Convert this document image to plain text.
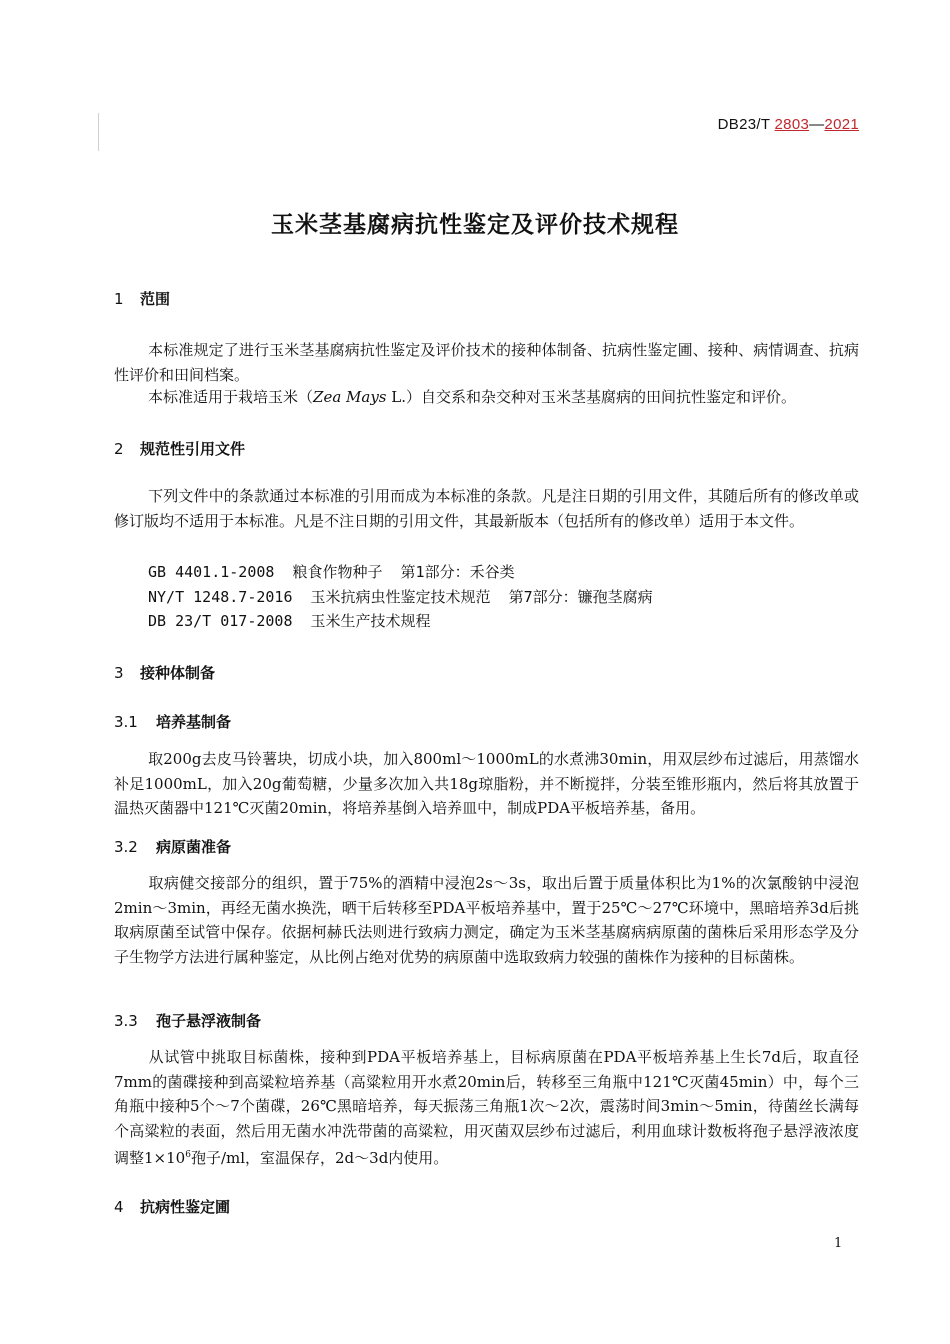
DB23/T 2803—2021
玉米茎基腐病抗性鉴定及评价技术规程
1 范围
本标准规定了进行玉米茎基腐病抗性鉴定及评价技术的接种体制备、抗病性鉴定圃、接种、病情调查、抗病性评价和田间档案。
本标准适用于栽培玉米（Zea Mays L.）自交系和杂交种对玉米茎基腐病的田间抗性鉴定和评价。
2 规范性引用文件
下列文件中的条款通过本标准的引用而成为本标准的条款。凡是注日期的引用文件，其随后所有的修改单或修订版均不适用于本标准。凡是不注日期的引用文件，其最新版本（包括所有的修改单）适用于本文件。
GB 4401.1-2008  粮食作物种子  第1部分：禾谷类
NY/T 1248.7-2016  玉米抗病虫性鉴定技术规范  第7部分：镰孢茎腐病
DB 23/T 017-2008  玉米生产技术规程
3 接种体制备
3.1 培养基制备
取200g去皮马铃薯块，切成小块，加入800ml～1000mL的水煮沸30min，用双层纱布过滤后，用蒸馏水补足1000mL，加入20g葡萄糖，少量多次加入共18g琼脂粉，并不断搅拌，分装至锥形瓶内，然后将其放置于温热灭菌器中121℃灭菌20min，将培养基倒入培养皿中，制成PDA平板培养基，备用。
3.2 病原菌准备
取病健交接部分的组织，置于75%的酒精中浸泡2s～3s，取出后置于质量体积比为1%的次氯酸钠中浸泡2min～3min，再经无菌水换洗，晒干后转移至PDA平板培养基中，置于25℃～27℃环境中，黑暗培养3d后挑取病原菌至试管中保存。依据柯赫氏法则进行致病力测定，确定为玉米茎基腐病病原菌的菌株后采用形态学及分子生物学方法进行属种鉴定，从比例占绝对优势的病原菌中选取致病力较强的菌株作为接种的目标菌株。
3.3 孢子悬浮液制备
从试管中挑取目标菌株，接种到PDA平板培养基上，目标病原菌在PDA平板培养基上生长7d后，取直径7mm的菌碟接种到高粱粒培养基（高粱粒用开水煮20min后，转移至三角瓶中121℃灭菌45min）中，每个三角瓶中接种5个～7个菌碟，26℃黑暗培养，每天振荡三角瓶1次～2次，震荡时间3min～5min，待菌丝长满每个高粱粒的表面，然后用无菌水冲洗带菌的高粱粒，用灭菌双层纱布过滤后，利用血球计数板将孢子悬浮液浓度调整$1\times 10^6$孢子/ml，室温保存，2d～3d内使用。
4 抗病性鉴定圃
1
